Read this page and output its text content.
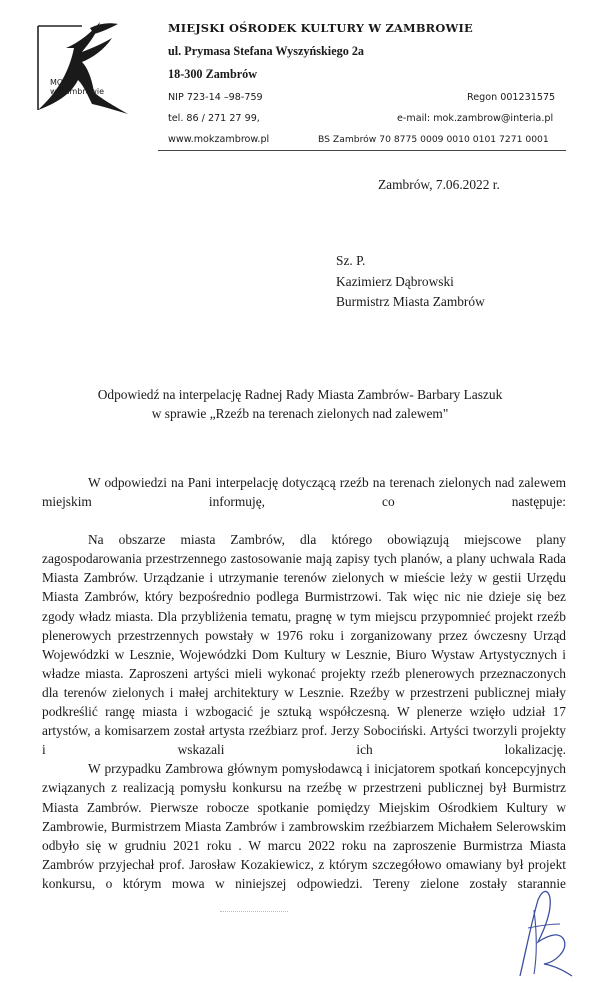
MOK
w Zambrowie
MIEJSKI OŚRODEK KULTURY W ZAMBROWIE
ul. Prymasa Stefana Wyszyńskiego 2a
18-300 Zambrów
NIP 723-14 –98-759	Regon 001231575
tel. 86 / 271 27 99,	e-mail: mok.zambrow@interia.pl
www.mokzambrow.pl	BS Zambrów 70 8775 0009 0010 0101 7271 0001
Zambrów, 7.06.2022 r.
Sz. P.
Kazimierz Dąbrowski
Burmistrz Miasta Zambrów
Odpowiedź na interpelację Radnej Rady Miasta Zambrów- Barbary Laszuk
w sprawie „Rzeźb na terenach zielonych nad zalewem"

W odpowiedzi na Pani interpelację dotyczącą rzeźb na terenach zielonych nad zalewem miejskim informuję, co następuje:

Na obszarze miasta Zambrów, dla którego obowiązują miejscowe plany zagospodarowania przestrzennego zastosowanie mają zapisy tych planów, a plany uchwala Rada Miasta Zambrów. Urządzanie i utrzymanie terenów zielonych w mieście leży w gestii Urzędu Miasta Zambrów, który bezpośrednio podlega Burmistrzowi. Tak więc nic nie dzieje się bez zgody władz miasta. Dla przybliżenia tematu, pragnę w tym miejscu przypomnieć projekt rzeźb plenerowych przestrzennych powstały w 1976 roku i zorganizowany przez ówczesny Urząd Wojewódzki w Lesznie, Wojewódzki Dom Kultury w Lesznie, Biuro Wystaw Artystycznych i władze miasta. Zaproszeni artyści mieli wykonać projekty rzeźb plenerowych przeznaczonych dla terenów zielonych i małej architektury w Lesznie. Rzeźby w przestrzeni publicznej miały podkreślić rangę miasta i wzbogacić je sztuką współczesną. W plenerze wzięło udział 17 artystów, a komisarzem został artysta rzeźbiarz prof. Jerzy Sobociński. Artyści tworzyli projekty i wskazali ich lokalizację.

W przypadku Zambrowa głównym pomysłodawcą i inicjatorem spotkań koncepcyjnych związanych z realizacją pomysłu konkursu na rzeźbę w przestrzeni publicznej był Burmistrz Miasta Zambrów. Pierwsze robocze spotkanie pomiędzy Miejskim Ośrodkiem Kultury w Zambrowie, Burmistrzem Miasta Zambrów i zambrowskim rzeźbiarzem Michałem Selerowskim odbyło się w grudniu 2021 roku . W marcu 2022 roku na zaproszenie Burmistrza Miasta Zambrów przyjechał prof. Jarosław Kozakiewicz, z którym szczegółowo omawiany był projekt konkursu, o którym mowa w niniejszej odpowiedzi. Tereny zielone zostały starannie
